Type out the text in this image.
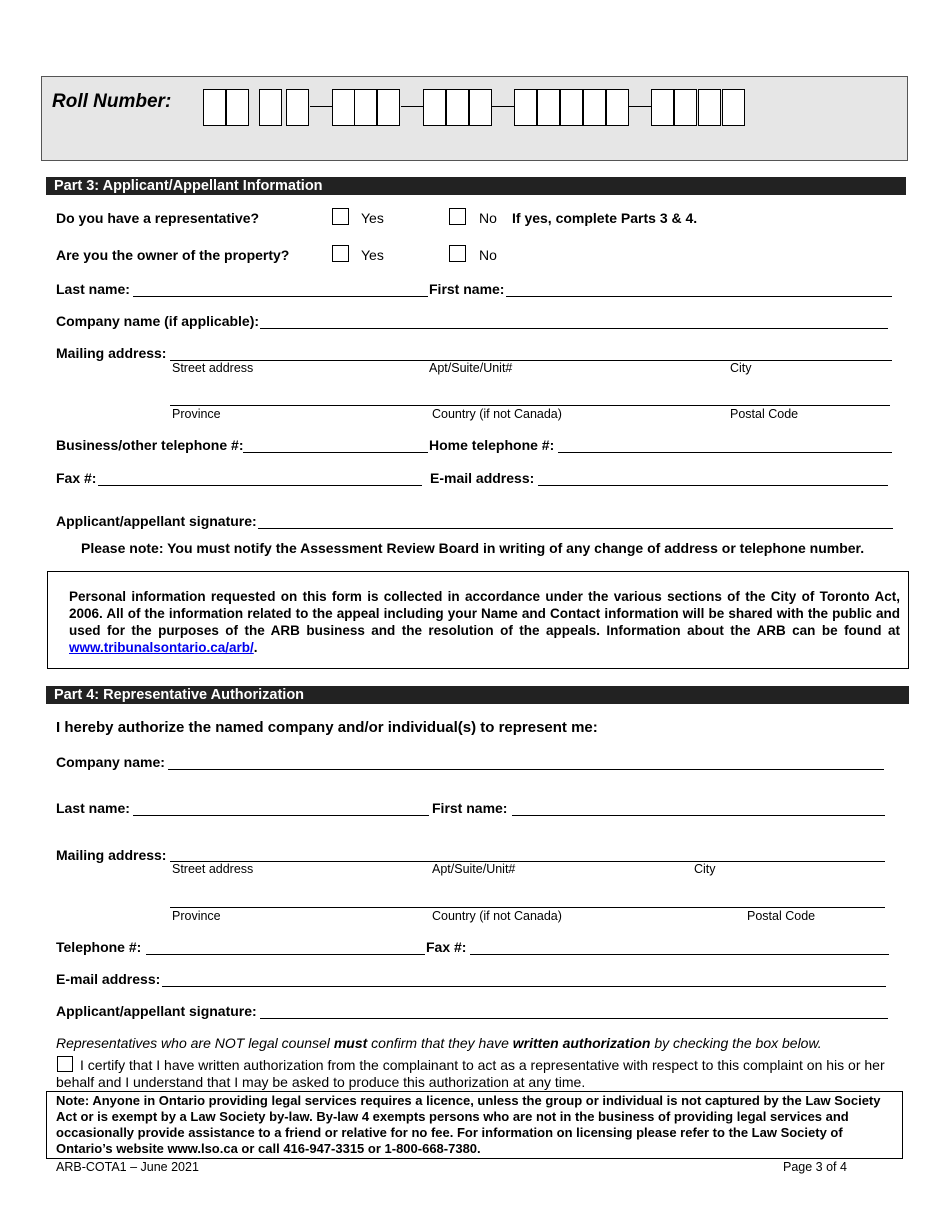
Roll Number:
Part 3: Applicant/Appellant Information
Do you have a representative?	Yes	No If yes, complete Parts 3 & 4.
Are you the owner of the property?	Yes	No
Last name:	First name:
Company name (if applicable):
Mailing address:
Street address	Apt/Suite/Unit#	City
Province	Country (if not Canada)	Postal Code
Business/other telephone #:	Home telephone #:
Fax #:	E-mail address:
Applicant/appellant signature:
Please note: You must notify the Assessment Review Board in writing of any change of address or telephone number.
Personal information requested on this form is collected in accordance under the various sections of the City of Toronto Act, 2006. All of the information related to the appeal including your Name and Contact information will be shared with the public and used for the purposes of the ARB business and the resolution of the appeals. Information about the ARB can be found at www.tribunalsontario.ca/arb/.
Part 4: Representative Authorization
I hereby authorize the named company and/or individual(s) to represent me:
Company name:
Last name:	First name:
Mailing address:
Street address	Apt/Suite/Unit#	City
Province	Country (if not Canada)	Postal Code
Telephone #:	Fax #:
E-mail address:
Applicant/appellant signature:
Representatives who are NOT legal counsel must confirm that they have written authorization by checking the box below.
I certify that I have written authorization from the complainant to act as a representative with respect to this complaint on his or her behalf and I understand that I may be asked to produce this authorization at any time.
Note: Anyone in Ontario providing legal services requires a licence, unless the group or individual is not captured by the Law Society Act or is exempt by a Law Society by-law. By-law 4 exempts persons who are not in the business of providing legal services and occasionally provide assistance to a friend or relative for no fee. For information on licensing please refer to the Law Society of Ontario’s website www.lso.ca or call 416-947-3315 or 1-800-668-7380.
ARB-COTA1 – June 2021	Page 3 of 4
